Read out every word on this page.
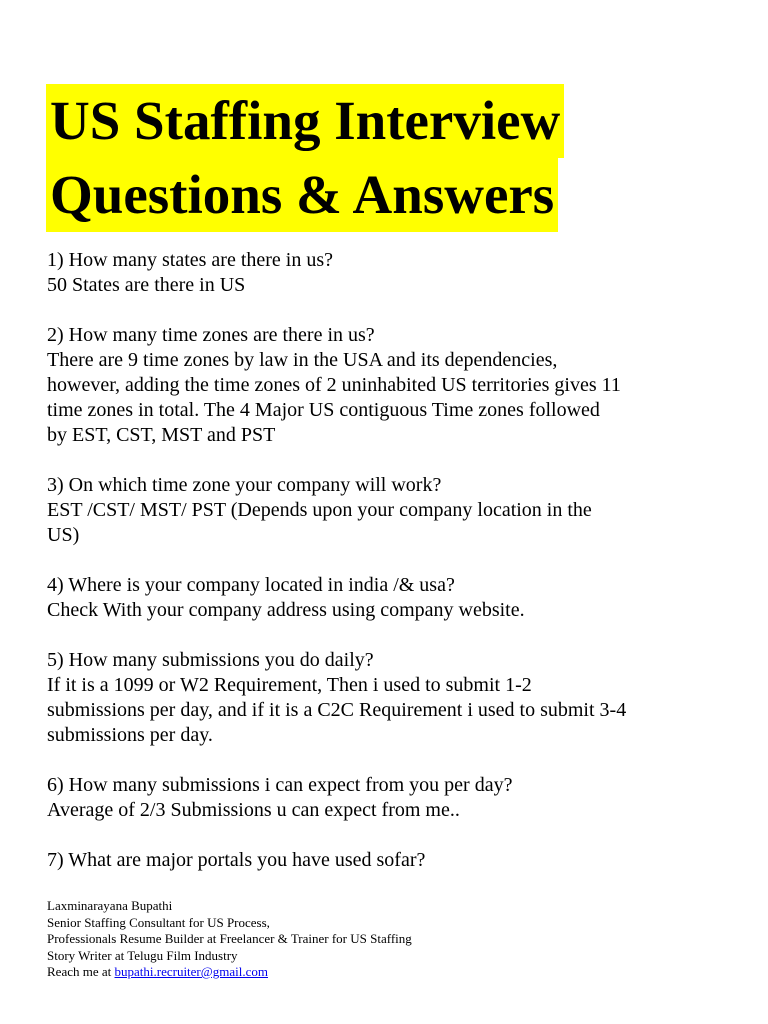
US Staffing Interview
Questions & Answers

1) How many states are there in us?

50 States are there in US

2) How many time zones are there in us?

There are 9 time zones by law in the USA and its dependencies,

however, adding the time zones of 2 uninhabited US territories gives 11

time zones in total. The 4 Major US contiguous Time zones followed

by EST, CST, MST and PST

3) On which time zone your company will work?

EST /CST/ MST/ PST (Depends upon your company location in the

US)

4) Where is your company located in india /& usa?

Check With your company address using company website.

5) How many submissions you do daily?

If it is a 1099 or W2 Requirement, Then i used to submit 1-2

submissions per day, and if it is a C2C Requirement i used to submit 3-4

submissions per day.

6) How many submissions i can expect from you per day?

Average of 2/3 Submissions u can expect from me..

7) What are major portals you have used sofar?

Laxminarayana Bupathi

Senior Staffing Consultant for US Process,

Professionals Resume Builder at Freelancer & Trainer for US Staffing

Story Writer at Telugu Film Industry

Reach me at bupathi.recruiter@gmail.com
